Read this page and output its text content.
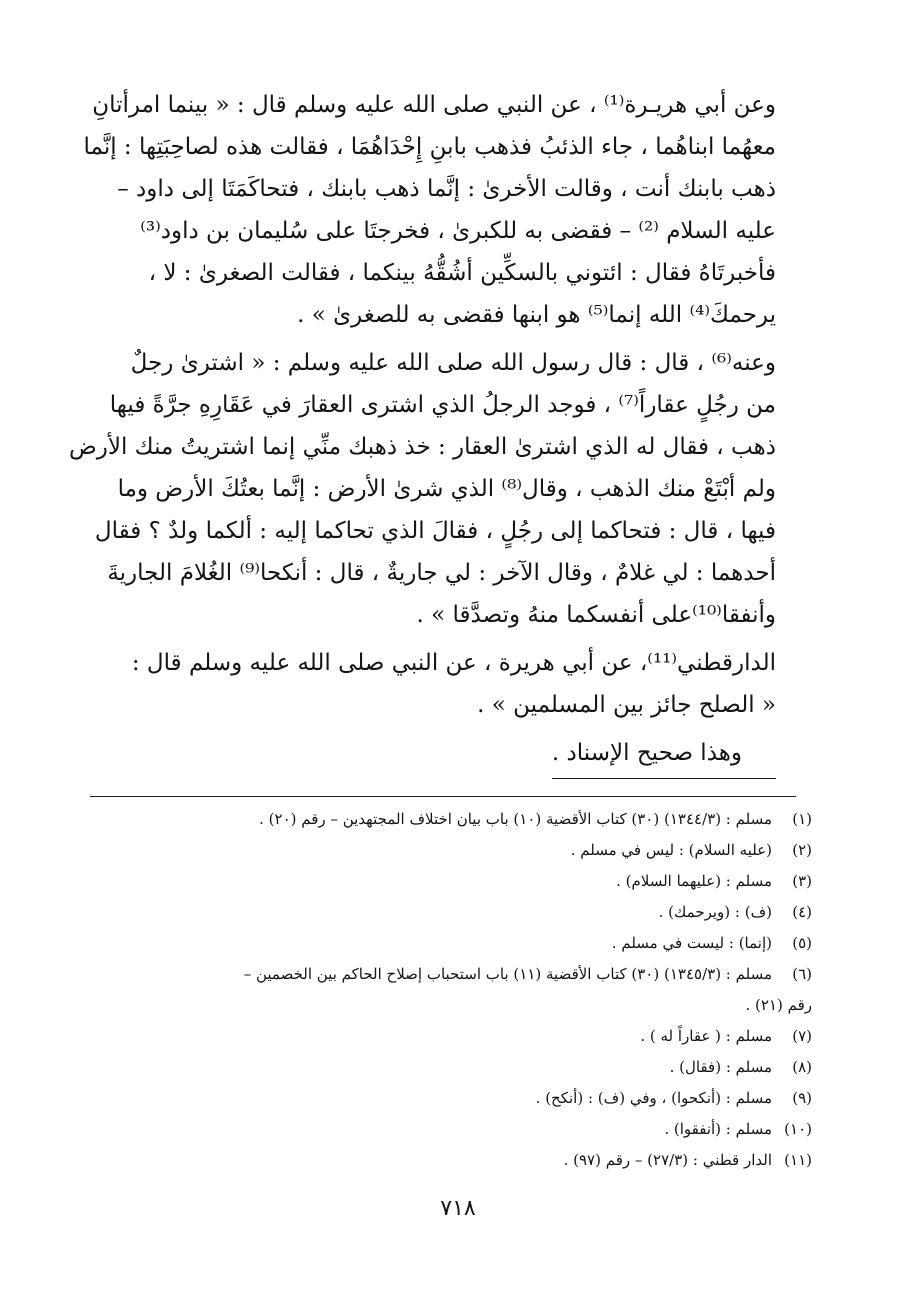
وعن أبي هريـرة⁽¹⁾ ، عن النبي صلى الله عليه وسلم قال : « بينما امرأتانِ
معهُما ابناهُما ، جاء الذئبُ فذهب بابنِ إِحْدَاهُمَا ، فقالت هذه لصاحِبَتِها : إنَّما
ذهب بابنك أنت ، وقالت الأخرىٰ : إنَّما ذهب بابنك ، فتحاكَمَتَا إلى داود –
عليه السلام ⁽²⁾ – فقضى به للكبرىٰ ، فخرجتَا على سُليمان بن داود⁽³⁾
فأخبرتَاهُ فقال : ائتوني بالسكِّين أشُقُّهُ بينكما ، فقالت الصغرىٰ : لا ،
يرحمكَ⁽⁴⁾ الله إنما⁽⁵⁾ هو ابنها فقضى به للصغرىٰ » .

وعنه⁽⁶⁾ ، قال : قال رسول الله صلى الله عليه وسلم : « اشترىٰ رجلٌ
من رجُلٍ عقاراً⁽⁷⁾ ، فوجد الرجلُ الذي اشترى العقارَ في عَقَارِهِ جرَّةً فيها
ذهب ، فقال له الذي اشترىٰ العقار : خذ ذهبك منِّي إنما اشتريتُ منك الأرض
ولم أبْتَعْ منك الذهب ، وقال⁽⁸⁾ الذي شرىٰ الأرض : إنَّما بعتُكَ الأرض وما
فيها ، قال : فتحاكما إلى رجُلٍ ، فقالَ الذي تحاكما إليه : ألكما ولدٌ ؟ فقال
أحدهما : لي غلامٌ ، وقال الآخر : لي جاريةٌ ، قال : أنكحا⁽⁹⁾ الغُلامَ الجاريةَ
وأنفقا⁽¹⁰⁾على أنفسكما منهُ وتصدَّقا » .

الدارقطني⁽¹¹⁾، عن أبي هريرة ، عن النبي صلى الله عليه وسلم قال :
« الصلح جائز بين المسلمين » .

وهذا صحيح الإسناد .

(١)
مسلم : (١٣٤٤/٣) (٣٠) كتاب الأقضية (١٠) باب بيان اختلاف المجتهدين – رقم (٢٠) .
(٢)
(عليه السلام) : ليس في مسلم .
(٣)
مسلم : (عليهما السلام) .
(٤)
(ف) : (ويرحمك) .
(٥)
(إنما) : ليست في مسلم .
(٦)
مسلم : (١٣٤٥/٣) (٣٠) كتاب الأقضية (١١) باب استحباب إصلاح الحاكم بين الخصمين –
رقم (٢١) .
(٧)
مسلم : ( عقاراً له ) .
(٨)
مسلم : (فقال) .
(٩)
مسلم : (أنكحوا) ، وفي (ف) : (أنكح) .
(١٠)
مسلم : (أنفقوا) .
(١١)
الدار قطني : (٢٧/٣) – رقم (٩٧) .
٧١٨
